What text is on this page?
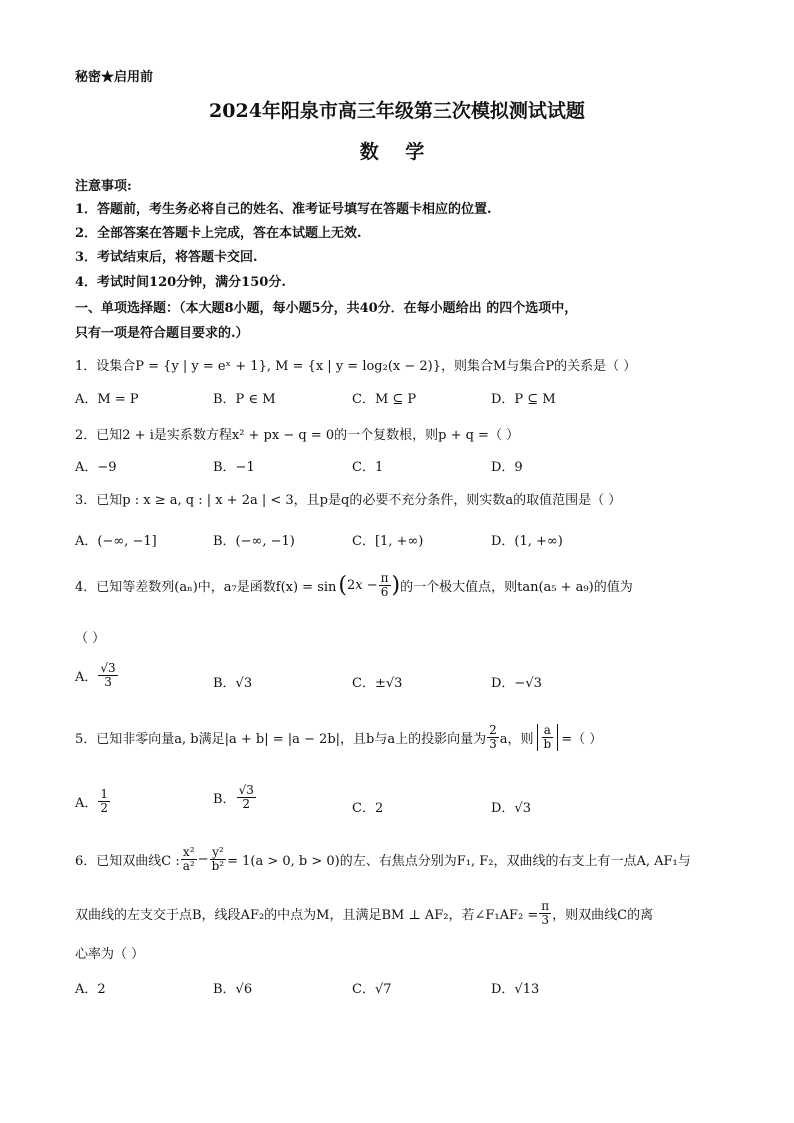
秘密★启用前
2024年阳泉市高三年级第三次模拟测试试题
数 学
注意事项:
1．答题前，考生务必将自己的姓名、准考证号填写在答题卡相应的位置.
2．全部答案在答题卡上完成，答在本试题上无效.
3．考试结束后，将答题卡交回.
4．考试时间120分钟，满分150分.
一、单项选择题：（本大题8小题，每小题5分，共40分．在每小题给出 的四个选项中，
只有一项是符合题目要求的.）
1．设集合P = {y | y = eˣ + 1}, M = {x | y = log₂(x − 2)}，则集合M与集合P的关系是（ ）
A．M = P	B．P ∈ M	C．M ⊆ P	D．P ⊆ M
2．已知2 + i是实系数方程x² + px − q = 0的一个复数根，则p + q =（ ）
A．−9	B．−1	C．1	D．9
3．已知p : x ≥ a, q : | x + 2a | < 3，且p是q的必要不充分条件，则实数a的取值范围是（ ）
A．(−∞, −1]	B．(−∞, −1)	C．[1, +∞)	D．(1, +∞)
4．已知等差数列(aₙ)中，a₇是函数f(x) = sin ( $2x - \frac{\pi}{6}$ ) 的一个极大值点，则tan(a₅ + a₉)的值为
（ ）
A． $\frac{√3}{3}$	B．√3	C．±√3	D．−√3
5．已知非零向量a, b满足|a + b| = |a − 2b|，且b与a上的投影向量为 $\frac{2}{3}$ a，则 $\frac{a}{b}$ =（ ）
A． $\frac{1}{2}$	B． $\frac{√3}{2}$	C．2	D．√3
6．已知双曲线C : $\frac{\text{x²}}{\text{a²}} - \frac{\text{y²}}{\text{b²}} = 1(a > 0$, b > 0)的左、右焦点分别为F₁, F₂，双曲线的右支上有一点A, AF₁与
双曲线的左支交于点B，线段AF₂的中点为M，且满足BM ⊥ AF₂，若∠F₁AF₂ = $\frac{\pi}{3}$ ，则双曲线C的离
心率为（ ）
A．2	B．√6	C．√7	D．√13
